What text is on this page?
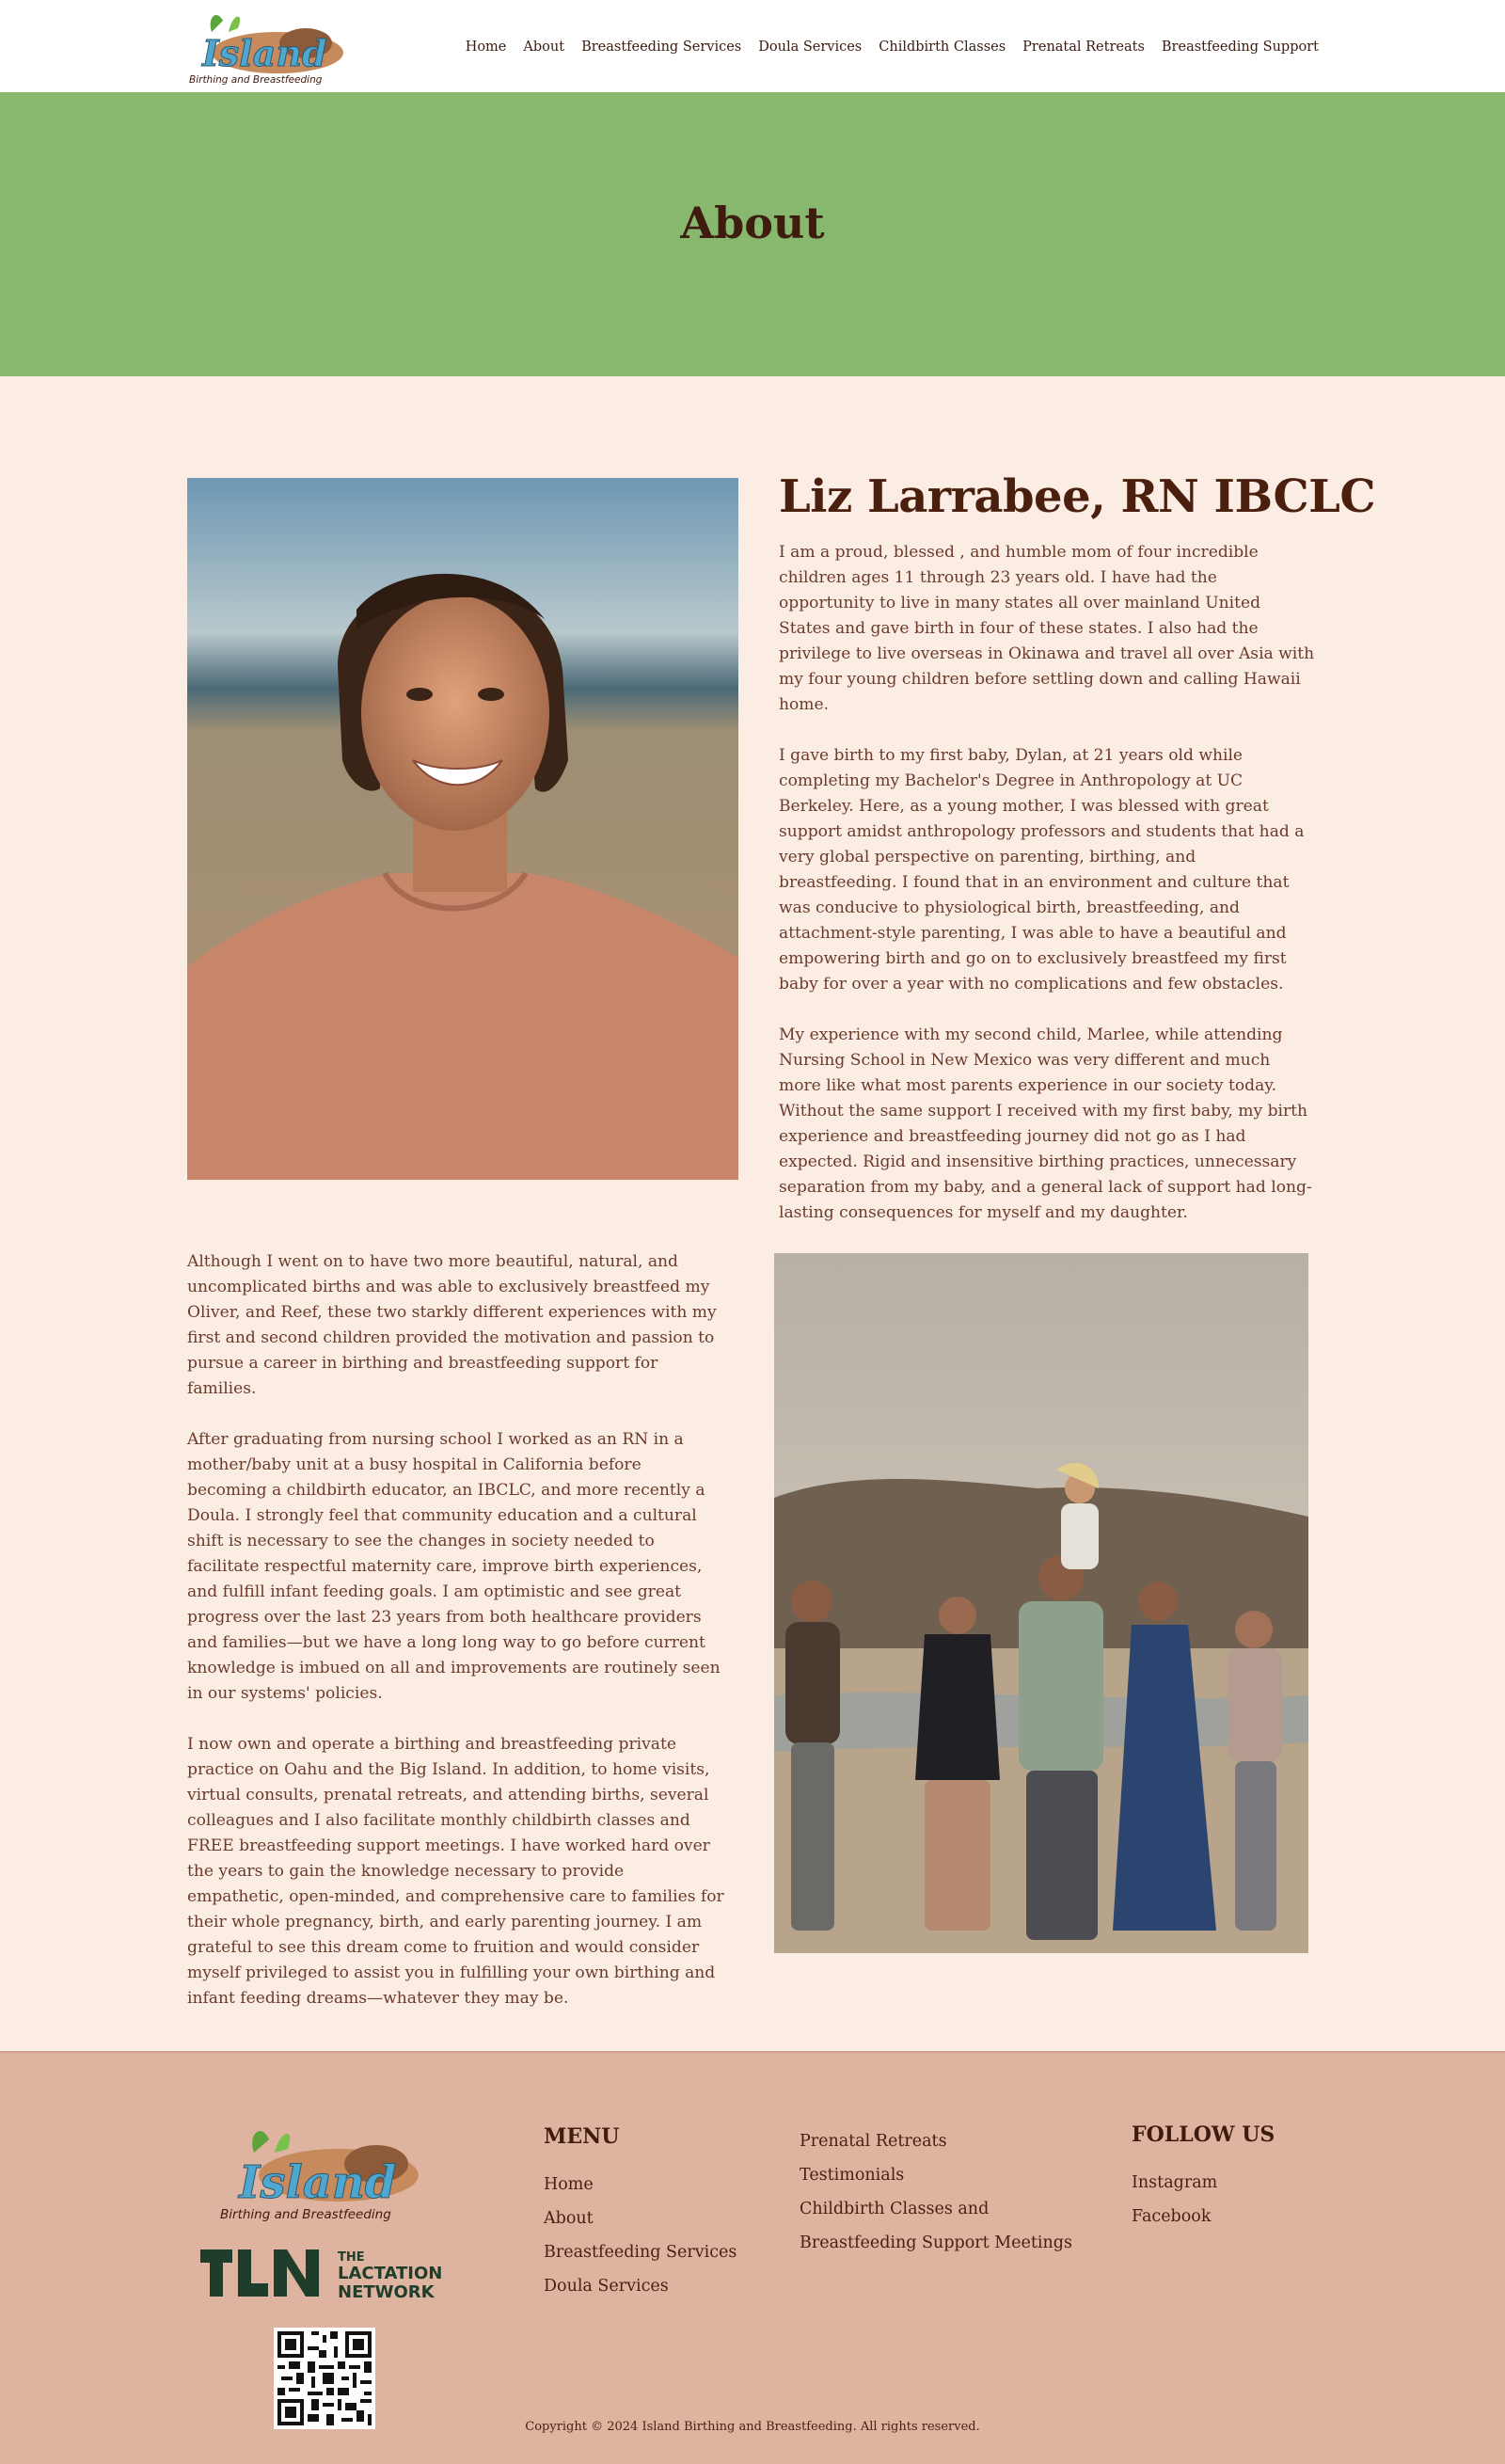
Island
Birthing and Breastfeeding
Home About Breastfeeding Services Doula Services Childbirth Classes Prenatal Retreats Breastfeeding Support
About
Liz Larrabee, RN IBCLC

I am a proud, blessed , and humble mom of four incredible children ages 11 through 23 years old. I have had the opportunity to live in many states all over mainland United States and gave birth in four of these states. I also had the privilege to live overseas in Okinawa and travel all over Asia with my four young children before settling down and calling Hawaii home.

I gave birth to my first baby, Dylan, at 21 years old while completing my Bachelor's Degree in Anthropology at UC Berkeley. Here, as a young mother, I was blessed with great support amidst anthropology professors and students that had a very global perspective on parenting, birthing, and breastfeeding. I found that in an environment and culture that was conducive to physiological birth, breastfeeding, and attachment-style parenting, I was able to have a beautiful and empowering birth and go on to exclusively breastfeed my first baby for over a year with no complications and few obstacles.

My experience with my second child, Marlee, while attending Nursing School in New Mexico was very different and much more like what most parents experience in our society today. Without the same support I received with my first baby, my birth experience and breastfeeding journey did not go as I had expected. Rigid and insensitive birthing practices, unnecessary separation from my baby, and a general lack of support had long-lasting consequences for myself and my daughter.

Although I went on to have two more beautiful, natural, and uncomplicated births and was able to exclusively breastfeed my Oliver, and Reef, these two starkly different experiences with my first and second children provided the motivation and passion to pursue a career in birthing and breastfeeding support for families.

After graduating from nursing school I worked as an RN in a mother/baby unit at a busy hospital in California before becoming a childbirth educator, an IBCLC, and more recently a Doula. I strongly feel that community education and a cultural shift is necessary to see the changes in society needed to facilitate respectful maternity care, improve birth experiences, and fulfill infant feeding goals. I am optimistic and see great progress over the last 23 years from both healthcare providers and families—but we have a long long way to go before current knowledge is imbued on all and improvements are routinely seen in our systems' policies.

I now own and operate a birthing and breastfeeding private practice on Oahu and the Big Island. In addition, to home visits, virtual consults, prenatal retreats, and attending births, several colleagues and I also facilitate monthly childbirth classes and FREE breastfeeding support meetings. I have worked hard over the years to gain the knowledge necessary to provide empathetic, open-minded, and comprehensive care to families for their whole pregnancy, birth, and early parenting journey. I am grateful to see this dream come to fruition and would consider myself privileged to assist you in fulfilling your own birthing and infant feeding dreams—whatever they may be.

Island
Birthing and Breastfeeding
THE
LACTATION
NETWORK
MENU
Home
About
Breastfeeding Services
Doula Services
Prenatal Retreats
Testimonials
Childbirth Classes and
Breastfeeding Support Meetings
FOLLOW US
Instagram
Facebook
Copyright © 2024 Island Birthing and Breastfeeding. All rights reserved.
